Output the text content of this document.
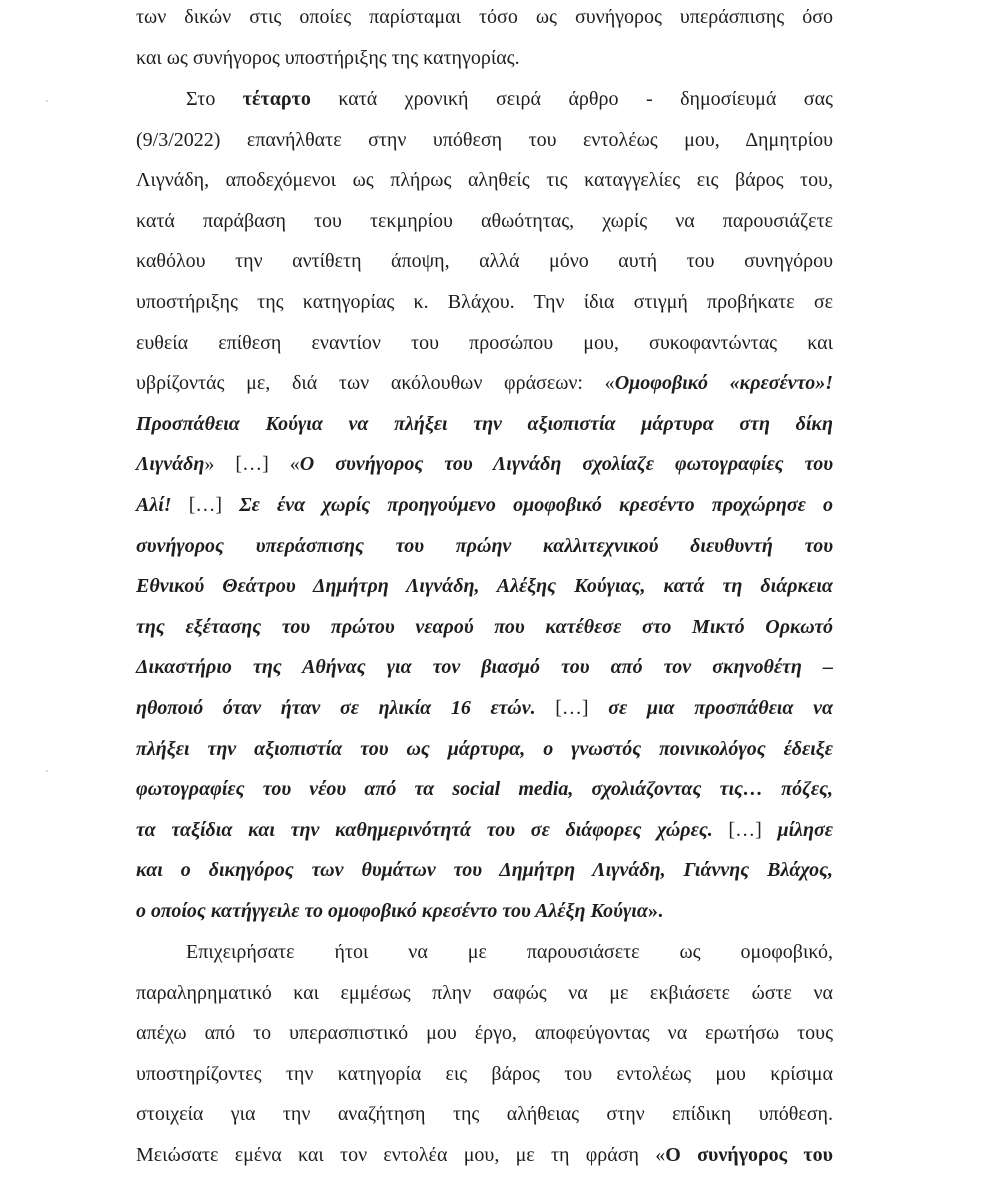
των δικών στις οποίες παρίσταμαι τόσο ως συνήγορος υπεράσπισης όσο
και ως συνήγορος υποστήριξης της κατηγορίας.
Στο τέταρτο κατά χρονική σειρά άρθρο - δημοσίευμά σας
(9/3/2022) επανήλθατε στην υπόθεση του εντολέως μου, Δημητρίου
Λιγνάδη, αποδεχόμενοι ως πλήρως αληθείς τις καταγγελίες εις βάρος του,
κατά παράβαση του τεκμηρίου αθωότητας, χωρίς να παρουσιάζετε
καθόλου την αντίθετη άποψη, αλλά μόνο αυτή του συνηγόρου
υποστήριξης της κατηγορίας κ. Βλάχου. Την ίδια στιγμή προβήκατε σε
ευθεία επίθεση εναντίον του προσώπου μου, συκοφαντώντας και
υβρίζοντάς με, διά των ακόλουθων φράσεων: «Ομοφοβικό «κρεσέντο»!
Προσπάθεια Κούγια να πλήξει την αξιοπιστία μάρτυρα στη δίκη
Λιγνάδη» […] «Ο συνήγορος του Λιγνάδη σχολίαζε φωτογραφίες του
Αλί! […] Σε ένα χωρίς προηγούμενο ομοφοβικό κρεσέντο προχώρησε ο
συνήγορος υπεράσπισης του πρώην καλλιτεχνικού διευθυντή του
Εθνικού Θεάτρου Δημήτρη Λιγνάδη, Αλέξης Κούγιας, κατά τη διάρκεια
της εξέτασης του πρώτου νεαρού που κατέθεσε στο Μικτό Ορκωτό
Δικαστήριο της Αθήνας για τον βιασμό του από τον σκηνοθέτη –
ηθοποιό όταν ήταν σε ηλικία 16 ετών. […] σε μια προσπάθεια να
πλήξει την αξιοπιστία του ως μάρτυρα, ο γνωστός ποινικολόγος έδειξε
φωτογραφίες του νέου από τα social media, σχολιάζοντας τις… πόζες,
τα ταξίδια και την καθημερινότητά του σε διάφορες χώρες. […] μίλησε
και ο δικηγόρος των θυμάτων του Δημήτρη Λιγνάδη, Γιάννης Βλάχος,
ο οποίος κατήγγειλε το ομοφοβικό κρεσέντο του Αλέξη Κούγια».
Επιχειρήσατε ήτοι να με παρουσιάσετε ως ομοφοβικό,
παραληρηματικό και εμμέσως πλην σαφώς να με εκβιάσετε ώστε να
απέχω από το υπερασπιστικό μου έργο, αποφεύγοντας να ερωτήσω τους
υποστηρίζοντες την κατηγορία εις βάρος του εντολέως μου κρίσιμα
στοιχεία για την αναζήτηση της αλήθειας στην επίδικη υπόθεση.
Μειώσατε εμένα και τον εντολέα μου, με τη φράση «Ο συνήγορος του
